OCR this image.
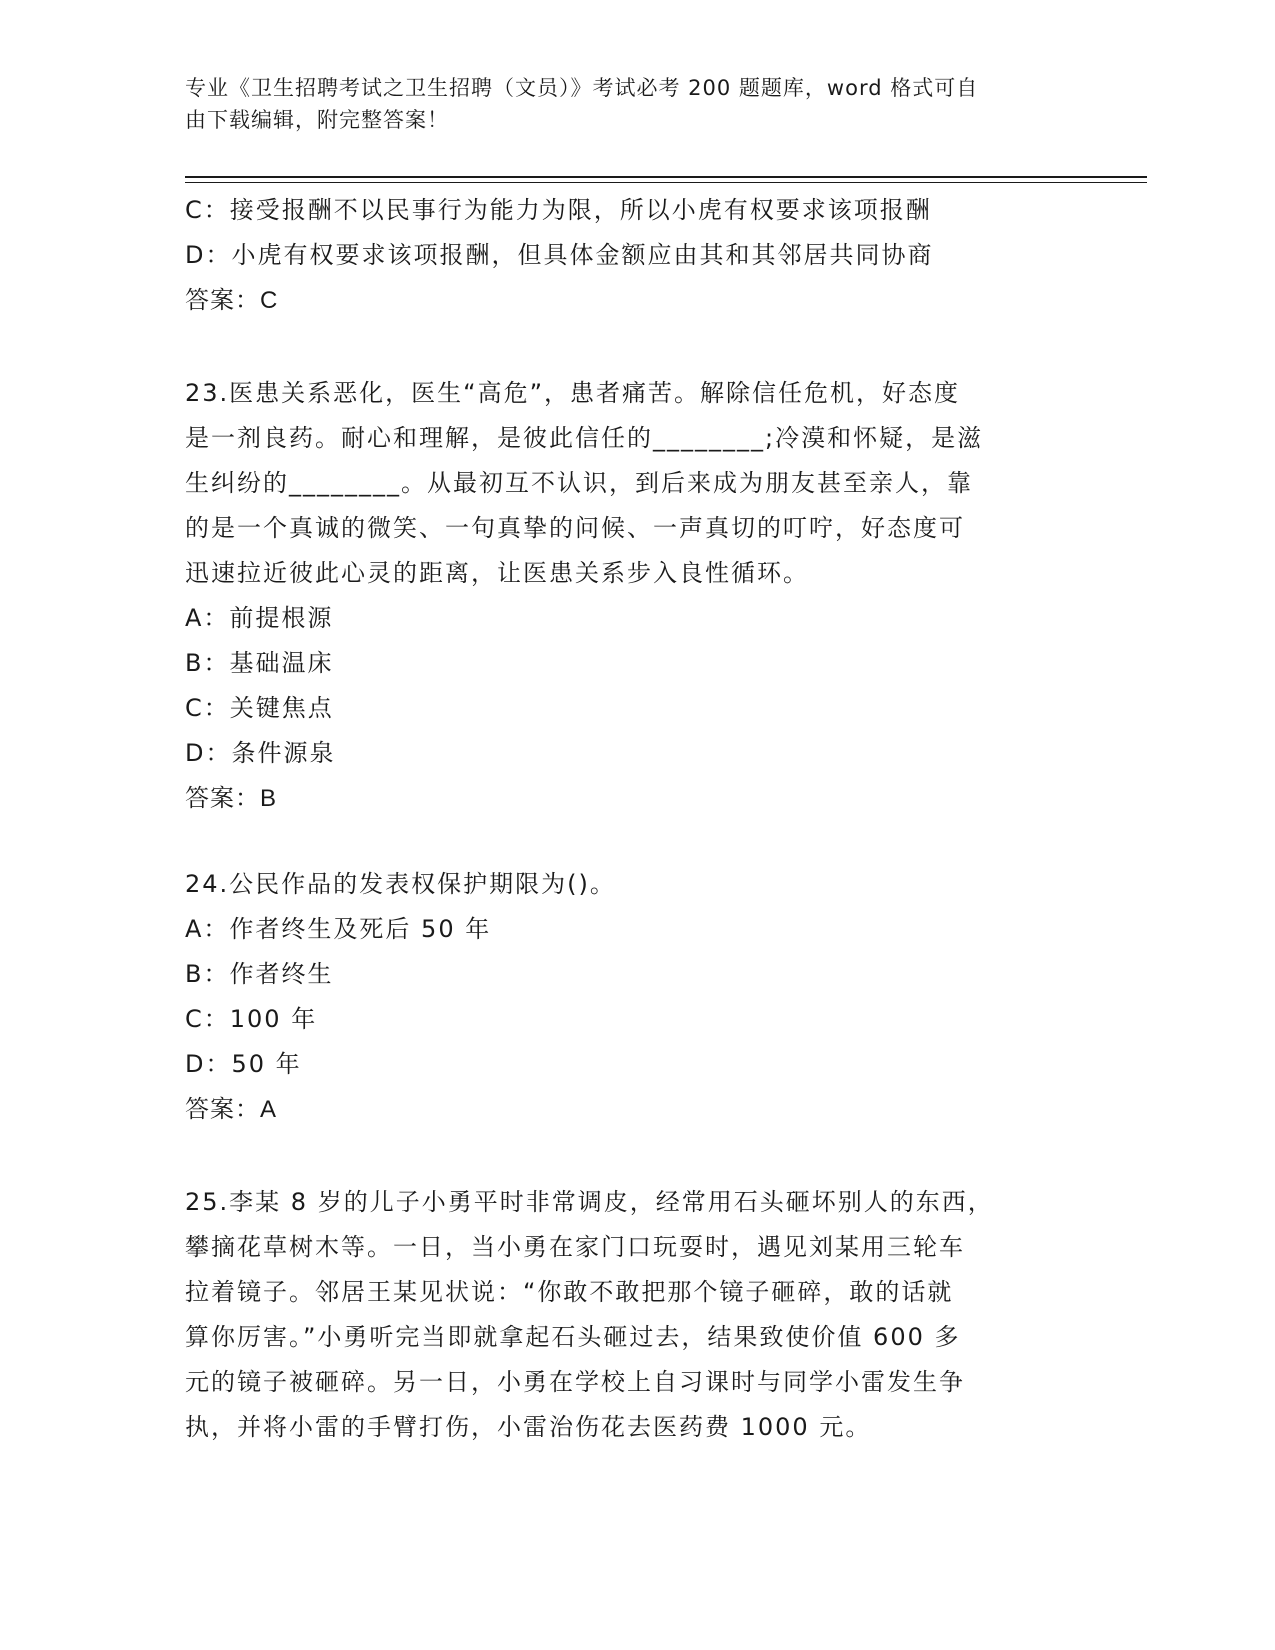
专业《卫生招聘考试之卫生招聘（文员）》考试必考 200 题题库，word 格式可自
由下载编辑，附完整答案！
C：接受报酬不以民事行为能力为限，所以小虎有权要求该项报酬
D：小虎有权要求该项报酬，但具体金额应由其和其邻居共同协商
答案：C
23.医患关系恶化，医生“高危”，患者痛苦。解除信任危机，好态度
是一剂良药。耐心和理解，是彼此信任的________;冷漠和怀疑，是滋
生纠纷的________。从最初互不认识，到后来成为朋友甚至亲人，靠
的是一个真诚的微笑、一句真挚的问候、一声真切的叮咛，好态度可
迅速拉近彼此心灵的距离，让医患关系步入良性循环。
A：前提根源
B：基础温床
C：关键焦点
D：条件源泉
答案：B
24.公民作品的发表权保护期限为()。
A：作者终生及死后 50 年
B：作者终生
C：100 年
D：50 年
答案：A
25.李某 8 岁的儿子小勇平时非常调皮，经常用石头砸坏别人的东西，
攀摘花草树木等。一日，当小勇在家门口玩耍时，遇见刘某用三轮车
拉着镜子。邻居王某见状说：“你敢不敢把那个镜子砸碎，敢的话就
算你厉害。”小勇听完当即就拿起石头砸过去，结果致使价值 600 多
元的镜子被砸碎。另一日，小勇在学校上自习课时与同学小雷发生争
执，并将小雷的手臂打伤，小雷治伤花去医药费 1000 元。
